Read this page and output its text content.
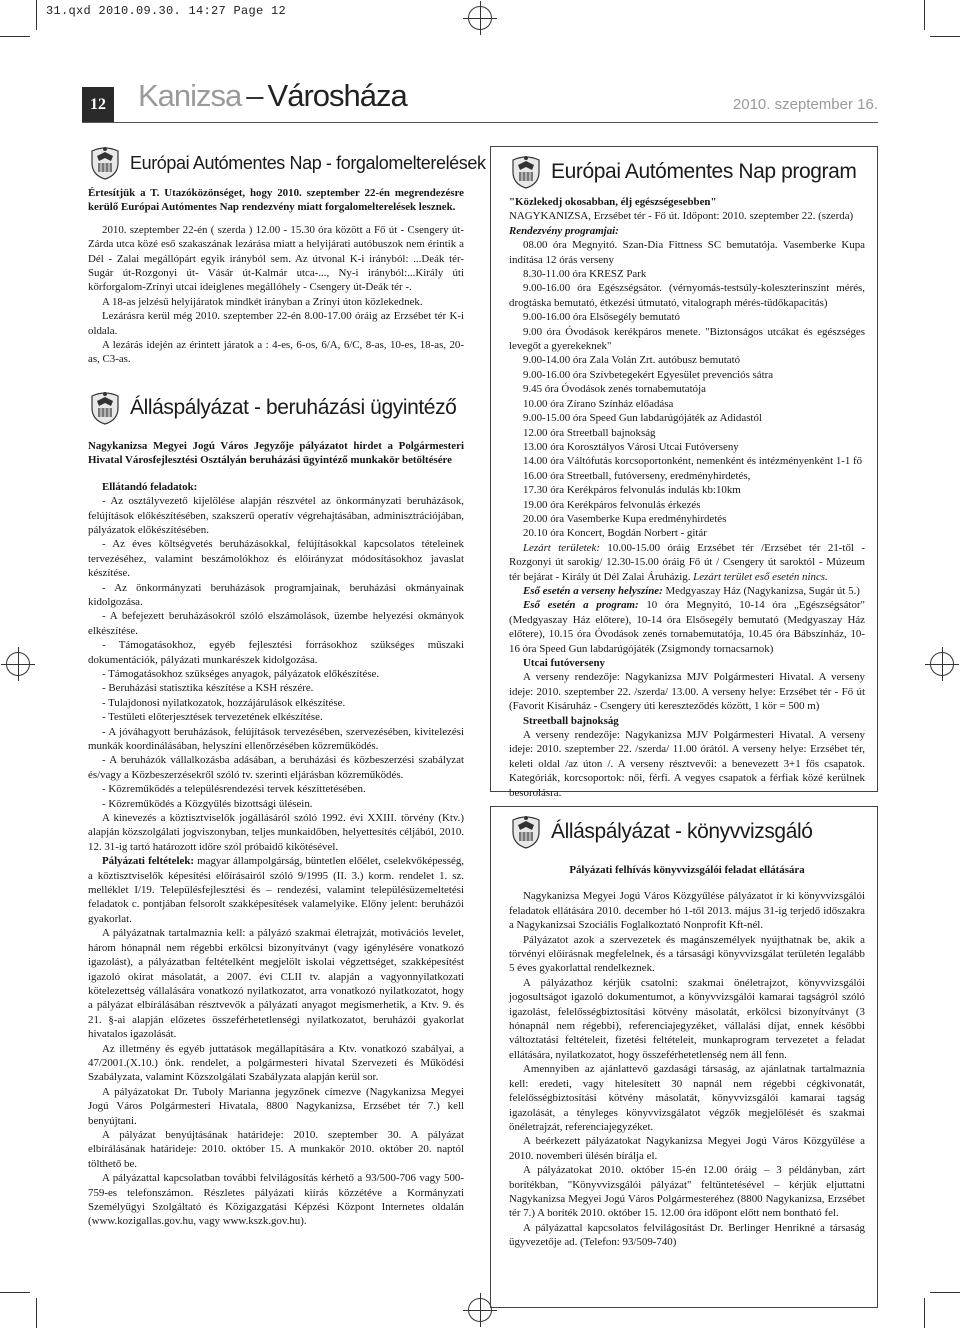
31.qxd 2010.09.30. 14:27 Page 12
12 Kanizsa – Városháza	2010. szeptember 16.
Európai Autómentes Nap - forgalomelterelések

Értesítjük a T. Utazóközönséget, hogy 2010. szeptember 22-én megrendezésre kerülő Európai Autómentes Nap rendezvény miatt forgalomelterelések lesznek.

2010. szeptember 22-én ( szerda ) 12.00 - 15.30 óra között a Fő út - Csengery út- Zárda utca közé eső szakaszának lezárása miatt a helyijárati autóbuszok nem érintik a Dél - Zalai megállópárt egyik irányból sem. Az útvonal K-i irányból: ...Deák tér- Sugár út-Rozgonyi út- Vásár út-Kalmár utca-..., Ny-i irányból:...Király úti körforgalom-Zrínyi utcai ideiglenes megállóhely - Csengery út-Deák tér -.

A 18-as jelzésű helyijáratok mindkét irányban a Zrínyi úton közlekednek.

Lezárásra kerül még 2010. szeptember 22-én 8.00-17.00 óráig az Erzsébet tér K-i oldala.

A lezárás idején az érintett járatok a : 4-es, 6-os, 6/A, 6/C, 8-as, 10-es, 18-as, 20-as, C3-as.

Álláspályázat - beruházási ügyintéző

Nagykanizsa Megyei Jogú Város Jegyzője pályázatot hirdet a Polgármesteri Hivatal Városfejlesztési Osztályán beruházási ügyintéző munkakör betöltésére

Ellátandó feladatok:

- Az osztályvezető kijelölése alapján részvétel az önkormányzati beruházások, felújítások előkészítésében, szakszerű operatív végrehajtásában, adminisztrációjában, pályázatok előkészítésében.

- Az éves költségvetés beruházásokkal, felújításokkal kapcsolatos tételeinek tervezéséhez, valamint beszámolókhoz és előirányzat módosításokhoz javaslat készítése.

- Az önkormányzati beruházások programjainak, beruházási okmányainak kidolgozása.

- A befejezett beruházásokról szóló elszámolások, üzembe helyezési okmányok elkészítése.

- Támogatásokhoz, egyéb fejlesztési forrásokhoz szükséges műszaki dokumentációk, pályázati munkarészek kidolgozása.

- Támogatásokhoz szükséges anyagok, pályázatok előkészítése.

- Beruházási statisztika készítése a KSH részére.

- Tulajdonosi nyilatkozatok, hozzájárulások elkészítése.

- Testületi előterjesztések tervezetének elkészítése.

- A jóváhagyott beruházások, felújítások tervezésében, szervezésében, kivitelezési munkák koordinálásában, helyszíni ellenőrzésében közreműködés.

- A beruházók vállalkozásba adásában, a beruházási és közbeszerzési szabályzat és/vagy a Közbeszerzésekről szóló tv. szerinti eljárásban közreműködés.

- Közreműködés a településrendezési tervek készíttetésében.

- Közreműködés a Közgyűlés bizottsági ülésein.

A kinevezés a köztisztviselők jogállásáról szóló 1992. évi XXIII. törvény (Ktv.) alapján közszolgálati jogviszonyban, teljes munkaidőben, helyettesítés céljából, 2010. 12. 31-ig tartó határozott időre szól próbaidő kikötésével.

Pályázati feltételek: magyar állampolgárság, büntetlen előélet, cselekvőképesség, a köztisztviselők képesítési előírásairól szóló 9/1995 (II. 3.) korm. rendelet 1. sz. melléklet I/19. Településfejlesztési és – rendezési, valamint településüzemeltetési feladatok c. pontjában felsorolt szakképesítések valamelyike. Előny jelent: beruházói gyakorlat.

A pályázatnak tartalmaznia kell: a pályázó szakmai életrajzát, motivációs levelet, három hónapnál nem régebbi erkölcsi bizonyítványt (vagy igénylésére vonatkozó igazolást), a pályázatban feltételként megjelölt iskolai végzettséget, szakképesítést igazoló okirat másolatát, a 2007. évi CLII tv. alapján a vagyonnyilatkozati kötelezettség vállalására vonatkozó nyilatkozatot, arra vonatkozó nyilatkozatot, hogy a pályázat elbírálásában résztvevők a pályázati anyagot megismerhetik, a Ktv. 9. és 21. §-ai alapján előzetes összeférhetetlenségi nyilatkozatot, beruházói gyakorlat hivatalos igazolását.

Az illetmény és egyéb juttatások megállapítására a Ktv. vonatkozó szabályai, a 47/2001.(X.10.) önk. rendelet, a polgármesteri hivatal Szervezeti és Működési Szabályzata, valamint Közszolgálati Szabályzata alapján kerül sor.

A pályázatokat Dr. Tuboly Marianna jegyzőnek címezve (Nagykanizsa Megyei Jogú Város Polgármesteri Hivatala, 8800 Nagykanizsa, Erzsébet tér 7.) kell benyújtani.

A pályázat benyújtásának határideje: 2010. szeptember 30. A pályázat elbírálásának határideje: 2010. október 15. A munkakör 2010. október 20. naptól tölthető be.

A pályázattal kapcsolatban további felvilágosítás kérhető a 93/500-706 vagy 500-759-es telefonszámon. Részletes pályázati kiírás közzétéve a Kormányzati Személyügyi Szolgáltató és Közigazgatási Képzési Központ Internetes oldalán (www.kozigallas.gov.hu, vagy www.kszk.gov.hu).

Európai Autómentes Nap program

"Közlekedj okosabban, élj egészségesebben"

NAGYKANIZSA, Erzsébet tér - Fő út. Időpont: 2010. szeptember 22. (szerda)

Rendezvény programjai:

08.00 óra Megnyitó. Szan-Dia Fittness SC bemutatója. Vasemberke Kupa indítása 12 órás verseny

8.30-11.00 óra KRESZ Park

9.00-16.00 óra Egészségsátor. (vérnyomás-testsúly-koleszterinszint mérés, drogtáska bemutató, étkezési útmutató, vitalograph mérés-tüdőkapacitás)

9.00-16.00 óra Elsősegély bemutató

9.00 óra Óvodások kerékpáros menete. "Biztonságos utcákat és egészséges levegőt a gyerekeknek"

9.00-14.00 óra Zala Volán Zrt. autóbusz bemutató

9.00-16.00 óra Szívbetegekért Egyesület prevenciós sátra

9.45 óra Óvodások zenés tornabemutatója

10.00 óra Zírano Színház előadása

9.00-15.00 óra Speed Gun labdarúgójáték az Adidastól

12.00 óra Streetball bajnokság

13.00 óra Korosztályos Városi Utcai Futóverseny

14.00 óra Váltófutás korcsoportonként, nemenként és intézményenként 1-1 fő

16.00 óra Streetball, futóverseny, eredményhirdetés,

17.30 óra Kerékpáros felvonulás indulás kb:10km

19.00 óra Kerékpáros felvonulás érkezés

20.00 óra Vasemberke Kupa eredményhirdetés

20.10 óra Koncert, Bogdán Norbert - gitár

Lezárt területek: 10.00-15.00 óráig Erzsébet tér /Erzsébet tér 21-től - Rozgonyi út sarokig/ 12.30-15.00 óráig Fő út / Csengery út saroktól - Múzeum tér bejárat - Király út Dél Zalai Áruházig. Lezárt terület eső esetén nincs.

Eső esetén a verseny helyszíne: Medgyaszay Ház (Nagykanizsa, Sugár út 5.)

Eső esetén a program: 10 óra Megnyitó, 10-14 óra „Egészségsátor" (Medgyaszay Ház előtere), 10-14 óra Elsősegély bemutató (Medgyaszay Ház előtere), 10.15 óra Óvodások zenés tornabemutatója, 10.45 óra Bábszínház, 10-16 óra Speed Gun labdarúgójáték (Zsigmondy tornacsarnok)

Utcai futóverseny

A verseny rendezője: Nagykanizsa MJV Polgármesteri Hivatal. A verseny ideje: 2010. szeptember 22. /szerda/ 13.00. A verseny helye: Erzsébet tér - Fő út (Favorit Kisáruház - Csengery úti kereszteződés között, 1 kör = 500 m)

Streetball bajnokság

A verseny rendezője: Nagykanizsa MJV Polgármesteri Hivatal. A verseny ideje: 2010. szeptember 22. /szerda/ 11.00 órától. A verseny helye: Erzsébet tér, keleti oldal /az úton /. A verseny résztvevői: a benevezett 3+1 fős csapatok. Kategóriák, korcsoportok: női, férfi. A vegyes csapatok a férfiak közé kerülnek besorolásra.

Álláspályázat - könyvvizsgáló

Pályázati felhívás könyvvizsgálói feladat ellátására

Nagykanizsa Megyei Jogú Város Közgyűlése pályázatot ír ki könyvvizsgálói feladatok ellátására 2010. december hó 1-től 2013. május 31-ig terjedő időszakra a Nagykanizsai Szociális Foglalkoztató Nonprofit Kft-nél.

Pályázatot azok a szervezetek és magánszemélyek nyújthatnak be, akik a törvényi előírásnak megfelelnek, és a társasági könyvvizsgálat területén legalább 5 éves gyakorlattal rendelkeznek.

A pályázathoz kérjük csatolni: szakmai önéletrajzot, könyvvizsgálói jogosultságot igazoló dokumentumot, a könyvvizsgálói kamarai tagságról szóló igazolást, felelősségbiztosítási kötvény másolatát, erkölcsi bizonyítványt (3 hónapnál nem régebbi), referenciajegyzéket, vállalási díjat, ennek későbbi változtatási feltételeit, fizetési feltételeit, munkaprogram tervezetet a feladat ellátására, nyilatkozatot, hogy összeférhetetlenség nem áll fenn.

Amennyiben az ajánlattevő gazdasági társaság, az ajánlatnak tartalmaznia kell: eredeti, vagy hitelesített 30 napnál nem régebbi cégkivonatát, felelősségbiztosítási kötvény másolatát, könyvvizsgálói kamarai tagság igazolását, a tényleges könyvvizsgálatot végzők megjelölését és szakmai önéletrajzát, referenciajegyzéket.

A beérkezett pályázatokat Nagykanizsa Megyei Jogú Város Közgyűlése a 2010. novemberi ülésén bírálja el.

A pályázatokat 2010. október 15-én 12.00 óráig – 3 példányban, zárt borítékban, "Könyvvizsgálói pályázat" feltüntetésével – kérjük eljuttatni Nagykanizsa Megyei Jogú Város Polgármesteréhez (8800 Nagykanizsa, Erzsébet tér 7.) A boríték 2010. október 15. 12.00 óra időpont előtt nem bontható fel.

A pályázattal kapcsolatos felvilágosítást Dr. Berlinger Henrikné a társaság ügyvezetője ad. (Telefon: 93/509-740)
